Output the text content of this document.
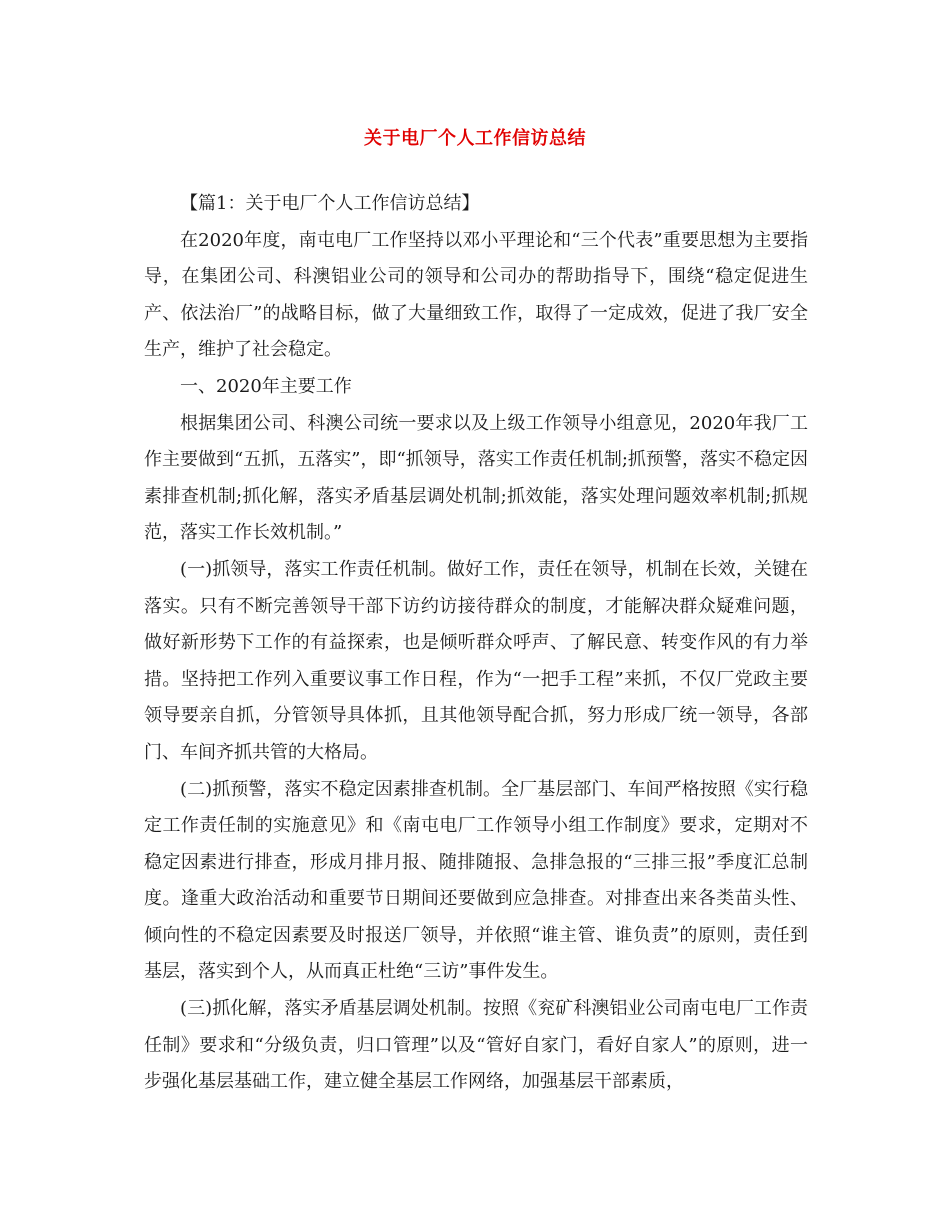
关于电厂个人工作信访总结

【篇1：关于电厂个人工作信访总结】

在2020年度，南屯电厂工作坚持以邓小平理论和“三个代表”重要思想为主要指导，在集团公司、科澳铝业公司的领导和公司办的帮助指导下，围绕“稳定促进生产、依法治厂”的战略目标，做了大量细致工作，取得了一定成效，促进了我厂安全生产，维护了社会稳定。

一、2020年主要工作

根据集团公司、科澳公司统一要求以及上级工作领导小组意见，2020年我厂工作主要做到“五抓，五落实”，即“抓领导，落实工作责任机制;抓预警，落实不稳定因素排查机制;抓化解，落实矛盾基层调处机制;抓效能，落实处理问题效率机制;抓规范，落实工作长效机制。”

(一)抓领导，落实工作责任机制。做好工作，责任在领导，机制在长效，关键在落实。只有不断完善领导干部下访约访接待群众的制度，才能解决群众疑难问题，做好新形势下工作的有益探索，也是倾听群众呼声、了解民意、转变作风的有力举措。坚持把工作列入重要议事工作日程，作为“一把手工程”来抓，不仅厂党政主要领导要亲自抓，分管领导具体抓，且其他领导配合抓，努力形成厂统一领导，各部门、车间齐抓共管的大格局。

(二)抓预警，落实不稳定因素排查机制。全厂基层部门、车间严格按照《实行稳定工作责任制的实施意见》和《南屯电厂工作领导小组工作制度》要求，定期对不稳定因素进行排查，形成月排月报、随排随报、急排急报的“三排三报”季度汇总制度。逢重大政治活动和重要节日期间还要做到应急排查。对排查出来各类苗头性、倾向性的不稳定因素要及时报送厂领导，并依照“谁主管、谁负责”的原则，责任到基层，落实到个人，从而真正杜绝“三访”事件发生。

(三)抓化解，落实矛盾基层调处机制。按照《兖矿科澳铝业公司南屯电厂工作责任制》要求和“分级负责，归口管理”以及“管好自家门，看好自家人”的原则，进一步强化基层基础工作，建立健全基层工作网络，加强基层干部素质，
